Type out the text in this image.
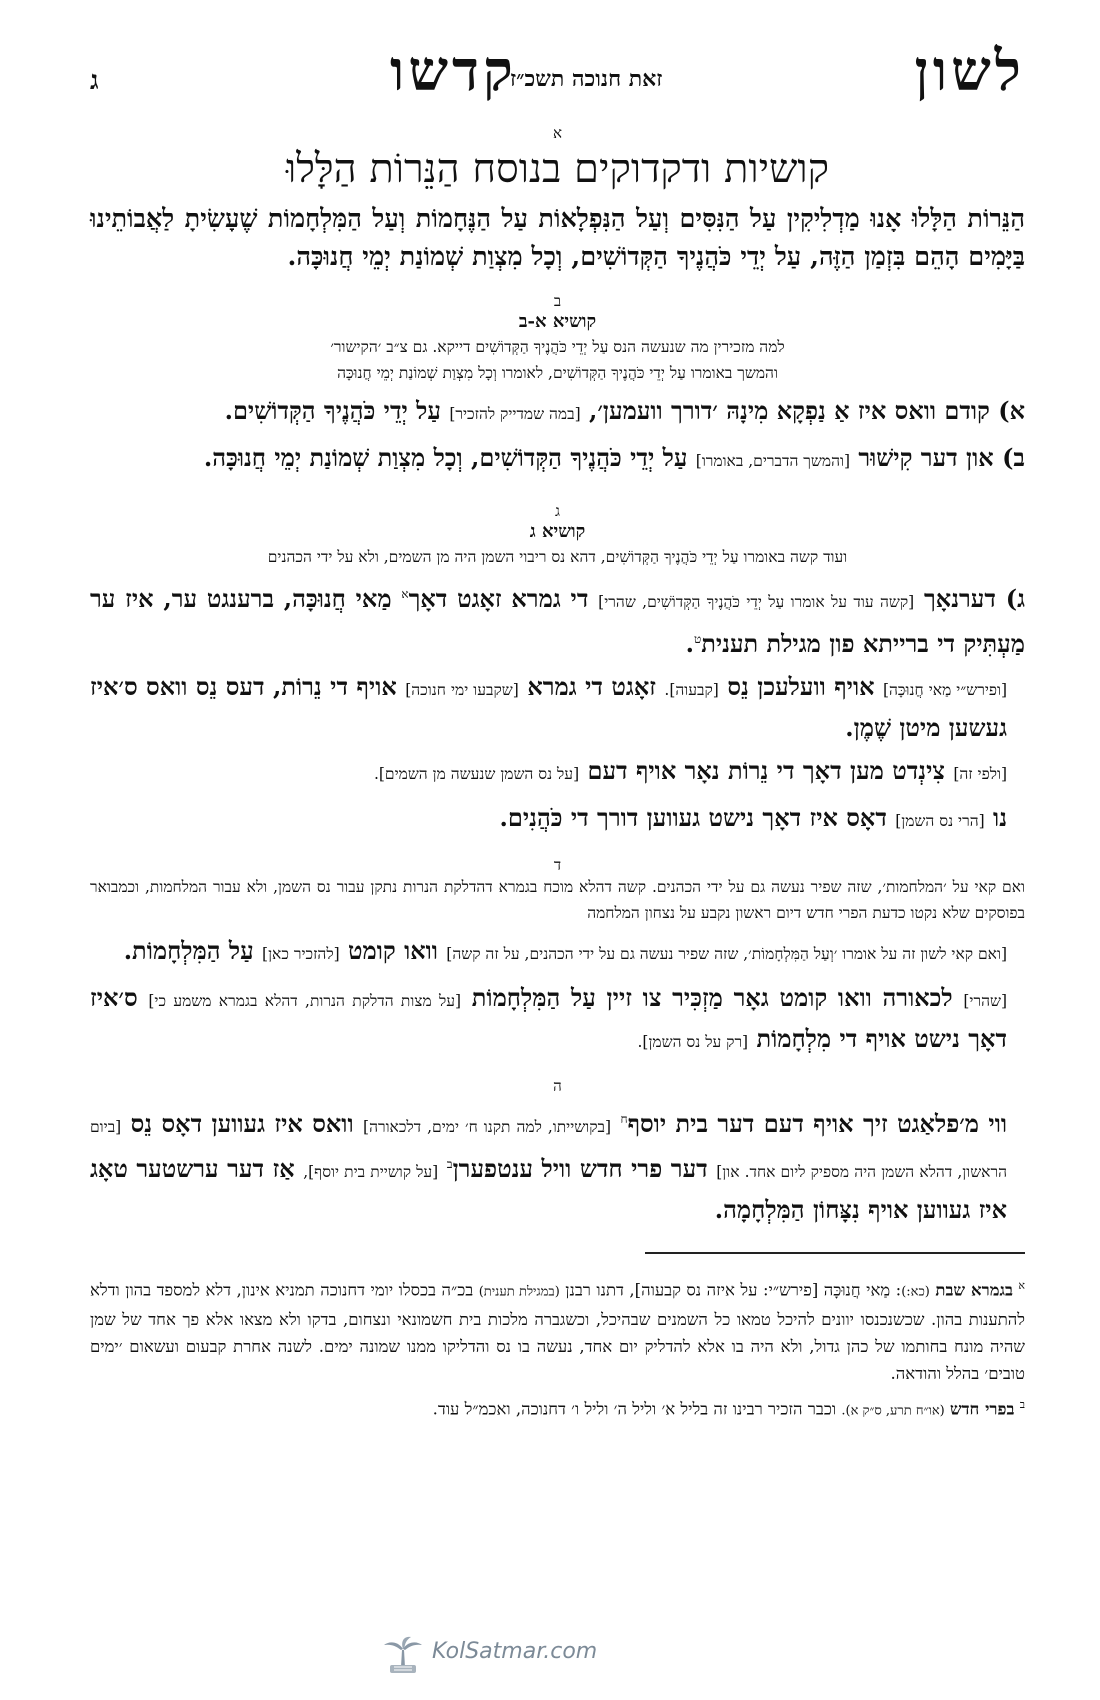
לשון
קדשו
זאת חנוכה תשכ״ז
ג
א
קושיות ודקדוקים בנוסח הַנֵּרוֹת הַלָּלוּ

הַנֵּרוֹת הַלָּלוּ אָנוּ מַדְלִיקִין עַל הַנִּסִּים וְעַל הַנִּפְלָאוֹת עַל הַנֶּחָמוֹת וְעַל הַמִּלְחָמוֹת שֶׁעָשִׂיתָ לַאֲבוֹתֵינוּ בַּיָּמִים הָהֵם בִּזְמַן הַזֶּה, עַל יְדֵי כֹּהֲנֶיךָ הַקְּדוֹשִׁים, וְכָל מִצְוַת שְׁמוֹנַת יְמֵי חֲנוּכָּה.

ב
קושיא א-ב
למה מזכירין מה שנעשה הנס עַל יְדֵי כֹּהֲנֶיךָ הַקְּדוֹשִׁים דייקא. גם צ״ב ׳הקישור׳
והמשך באומרו עַל יְדֵי כֹּהֲנֶיךָ הַקְּדוֹשִׁים, לאומרו וְכָל מִצְוַת שְׁמוֹנַת יְמֵי חֲנוּכָּה

א) קודם וואס איז אַ נַפְקָא מִינָהּ ׳דורך וועמען׳, [במה שמדייק להזכיר] עַל יְדֵי כֹּהֲנֶיךָ הַקְּדוֹשִׁים.

ב) און דער קִישׁוּר [והמשך הדברים, באומרו] עַל יְדֵי כֹּהֲנֶיךָ הַקְּדוֹשִׁים, וְכָל מִצְוַת שְׁמוֹנַת יְמֵי חֲנוּכָּה.

ג
קושיא ג
ועוד קשה באומרו עַל יְדֵי כֹּהֲנֶיךָ הַקְּדוֹשִׁים, דהא נס ריבוי השמן היה מן השמים, ולא על ידי הכהנים

ג) דערנאָך [קשה עוד על אומרו עַל יְדֵי כֹּהֲנֶיךָ הַקְּדוֹשִׁים, שהרי] די גמרא זאָגט דאָך$^א$ מַאי חֲנוּכָּה, ברענגט ער, איז ער מַעְתִּיק די ברייתא פון מגילת תענית$^ט$.

[ופירש״י מַאי חֲנוּכָּה] אויף וועלעכן נֵס [קבעוה]. זאָגט די גמרא [שקבעו ימי חנוכה] אויף די נֵרוֹת, דעס נֵס וואס ס׳איז געשען מיטן שֶׁמֶן.

[ולפי זה] צִינְדט מען דאָך די נֵרוֹת נאָר אויף דעם [על נס השמן שנעשה מן השמים].

נו [הרי נס השמן] דאָס איז דאָך נישט געווען דורך די כֹּהֲנִים.

ד
ואם קאי על ׳המלחמות׳, שזה שפיר נעשה גם על ידי הכהנים. קשה דהלא מוכח בגמרא דהדלקת הנרות נתקן עבור נס השמן, ולא עבור המלחמות, וכמבואר בפוסקים שלא נקטו כדעת הפרי חדש דיום ראשון נקבע על נצחון המלחמה

[ואם קאי לשון זה על אומרו ׳וְעַל הַמִּלְחָמוֹת׳, שזה שפיר נעשה גם על ידי הכהנים, על זה קשה] וואו קומט [להזכיר כאן] עַל הַמִּלְחָמוֹת.

[שהרי] לכאורה וואו קומט גאָר מַזְכִּיר צו זיין עַל הַמִּלְחָמוֹת [על מצות הדלקת הנרות, דהלא בגמרא משמע כי] ס׳איז דאָך נישט אויף די מִלְחָמוֹת [רק על נס השמן].

ה

ווי מ׳פלאַגט זיך אויף דעם דער בית יוסף$^ח$ [בקושייתו, למה תקנו ח׳ ימים, דלכאורה] וואס איז געווען דאָס נֵס [ביום הראשון, דהלא השמן היה מספיק ליום אחד. און] דער פרי חדש וויל ענטפערן$^ב$ [על קושיית בית יוסף], אַז דער ערשטער טאָג איז געווען אויף נִצָּחוֹן הַמִּלְחָמָה.

$^א$ בגמרא שבת (כא:): מַאי חֲנוּכָּה [פירש״י: על איזה נס קבעוה], דתנו רבנן (במגילת תענית) בכ״ה בכסלו יומי דחנוכה תמניא אינון, דלא למספד בהון ודלא להתענות בהון. שכשנכנסו יוונים להיכל טמאו כל השמנים שבהיכל, וכשגברה מלכות בית חשמונאי ונצחום, בדקו ולא מצאו אלא פך אחד של שמן שהיה מונח בחותמו של כהן גדול, ולא היה בו אלא להדליק יום אחד, נעשה בו נס והדליקו ממנו שמונה ימים. לשנה אחרת קבעום ועשאום ׳ימים טובים׳ בהלל והודאה.

$^ב$ בפרי חדש (או״ח תרע, ס״ק א). וכבר הזכיר רבינו זה בליל א׳ וליל ה׳ וליל ו׳ דחנוכה, ואכמ״ל עוד.

KolSatmar.com
